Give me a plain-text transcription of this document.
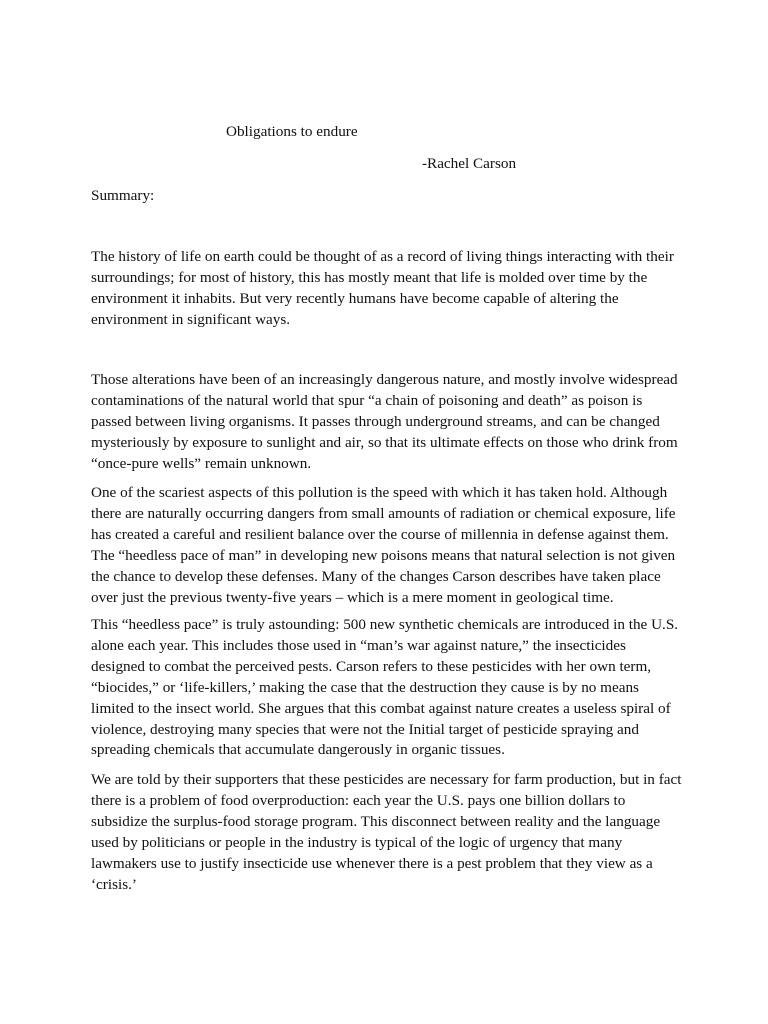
Obligations to endure
-Rachel Carson
Summary:
The history of life on earth could be thought of as a record of living things interacting with their
surroundings; for most of history, this has mostly meant that life is molded over time by the
environment it inhabits. But very recently humans have become capable of altering the
environment in significant ways.
Those alterations have been of an increasingly dangerous nature, and mostly involve widespread
contaminations of the natural world that spur “a chain of poisoning and death” as poison is
passed between living organisms. It passes through underground streams, and can be changed
mysteriously by exposure to sunlight and air, so that its ultimate effects on those who drink from
“once-pure wells” remain unknown.
One of the scariest aspects of this pollution is the speed with which it has taken hold. Although
there are naturally occurring dangers from small amounts of radiation or chemical exposure, life
has created a careful and resilient balance over the course of millennia in defense against them.
The “heedless pace of man” in developing new poisons means that natural selection is not given
the chance to develop these defenses. Many of the changes Carson describes have taken place
over just the previous twenty-five years – which is a mere moment in geological time.
This “heedless pace” is truly astounding: 500 new synthetic chemicals are introduced in the U.S.
alone each year. This includes those used in “man’s war against nature,” the insecticides
designed to combat the perceived pests. Carson refers to these pesticides with her own term,
“biocides,” or ‘life-killers,’ making the case that the destruction they cause is by no means
limited to the insect world. She argues that this combat against nature creates a useless spiral of
violence, destroying many species that were not the Initial target of pesticide spraying and
spreading chemicals that accumulate dangerously in organic tissues.
We are told by their supporters that these pesticides are necessary for farm production, but in fact
there is a problem of food overproduction: each year the U.S. pays one billion dollars to
subsidize the surplus-food storage program. This disconnect between reality and the language
used by politicians or people in the industry is typical of the logic of urgency that many
lawmakers use to justify insecticide use whenever there is a pest problem that they view as a
‘crisis.’
